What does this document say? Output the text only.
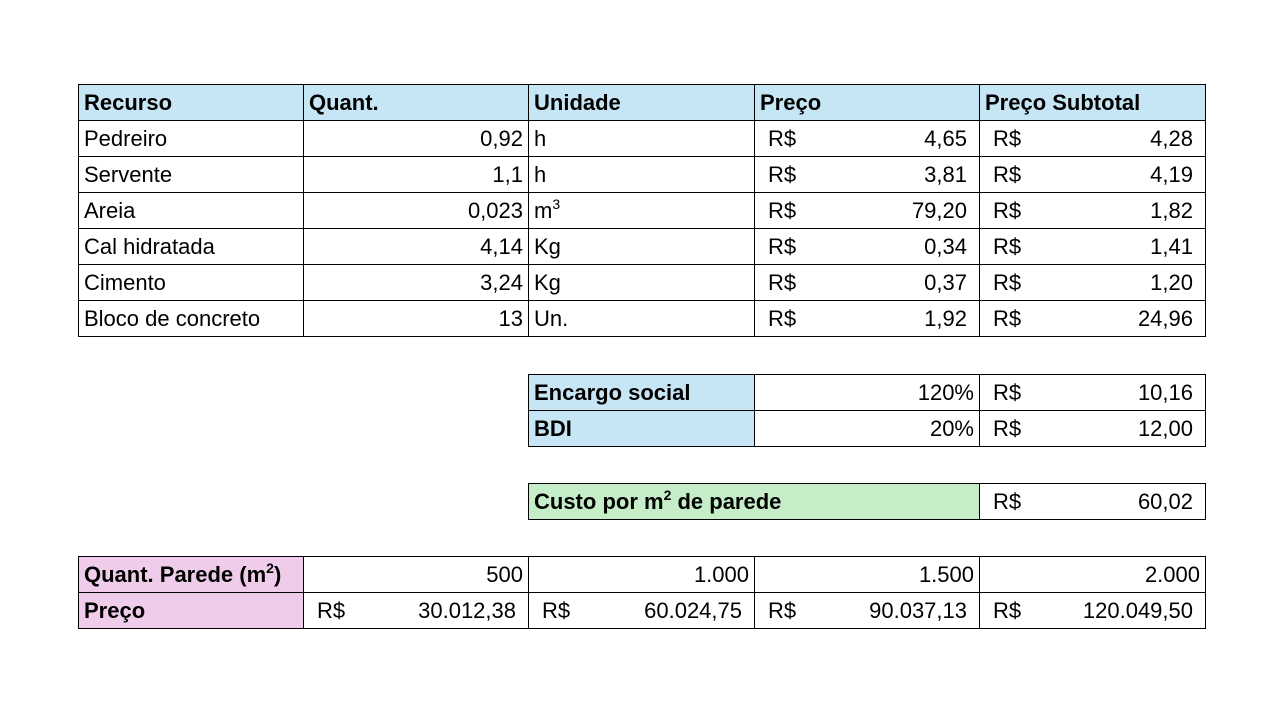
Recurso	Quant.	Unidade	Preço	Preço Subtotal
Pedreiro	0,92	h	R$ 4,65	R$ 4,28

Servente	1,1	h	R$ 3,81	R$ 4,19

Areia	0,023	$m^3$	R$ 79,20	R$ 1,82

Cal hidratada	4,14	Kg	R$ 0,34	R$ 1,41

Cimento	3,24	Kg	R$ 0,37	R$ 1,20

Bloco de concreto	13	Un.	R$ 1,92	R$ 24,96
Encargo social	120%	R$ 10,16

BDI	20%	R$ 12,00
Custo por $m^2$ de parede	R$	60,02
Quant. Parede $(m^2)$	500	1.000	1.500	2.000
Preço	R$ 30.012,38	R$ 60.024,75	R$ 90.037,13	R$ 120.049,50
